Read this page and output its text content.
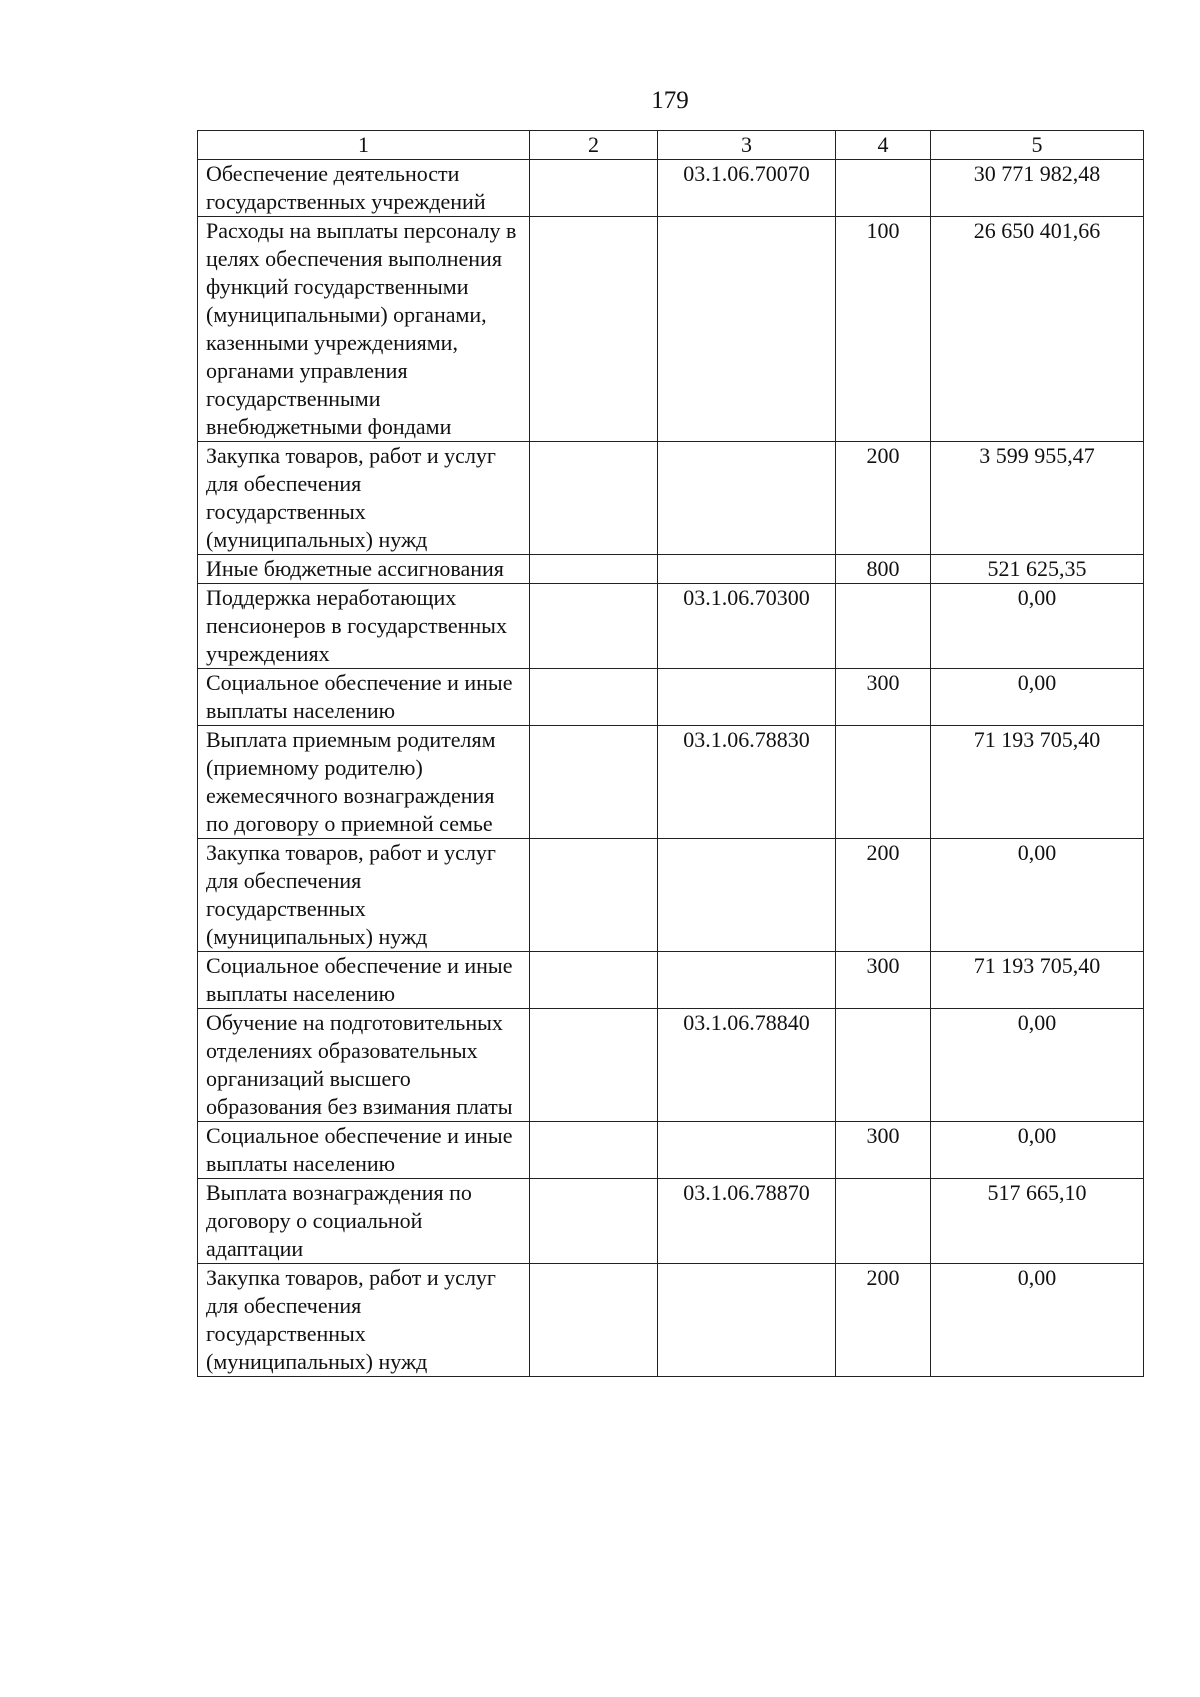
179
1	2	3	4	5
Обеспечение деятельности государственных учреждений		03.1.06.70070		30 771 982,48
Расходы на выплаты персоналу в целях обеспечения выполнения функций государственными (муниципальными) органами, казенными учреждениями, органами управления государственными внебюджетными фондами			100	26 650 401,66
Закупка товаров, работ и услуг для обеспечения государственных (муниципальных) нужд			200	3 599 955,47
Иные бюджетные ассигнования			800	521 625,35
Поддержка неработающих пенсионеров в государственных учреждениях		03.1.06.70300		0,00
Социальное обеспечение и иные выплаты населению			300	0,00
Выплата приемным родителям (приемному родителю) ежемесячного вознаграждения по договору о приемной семье		03.1.06.78830		71 193 705,40
Закупка товаров, работ и услуг для обеспечения государственных (муниципальных) нужд			200	0,00
Социальное обеспечение и иные выплаты населению			300	71 193 705,40
Обучение на подготовительных отделениях образовательных организаций высшего образования без взимания платы		03.1.06.78840		0,00
Социальное обеспечение и иные выплаты населению			300	0,00
Выплата вознаграждения по договору о социальной адаптации		03.1.06.78870		517 665,10
Закупка товаров, работ и услуг для обеспечения государственных (муниципальных) нужд			200	0,00
